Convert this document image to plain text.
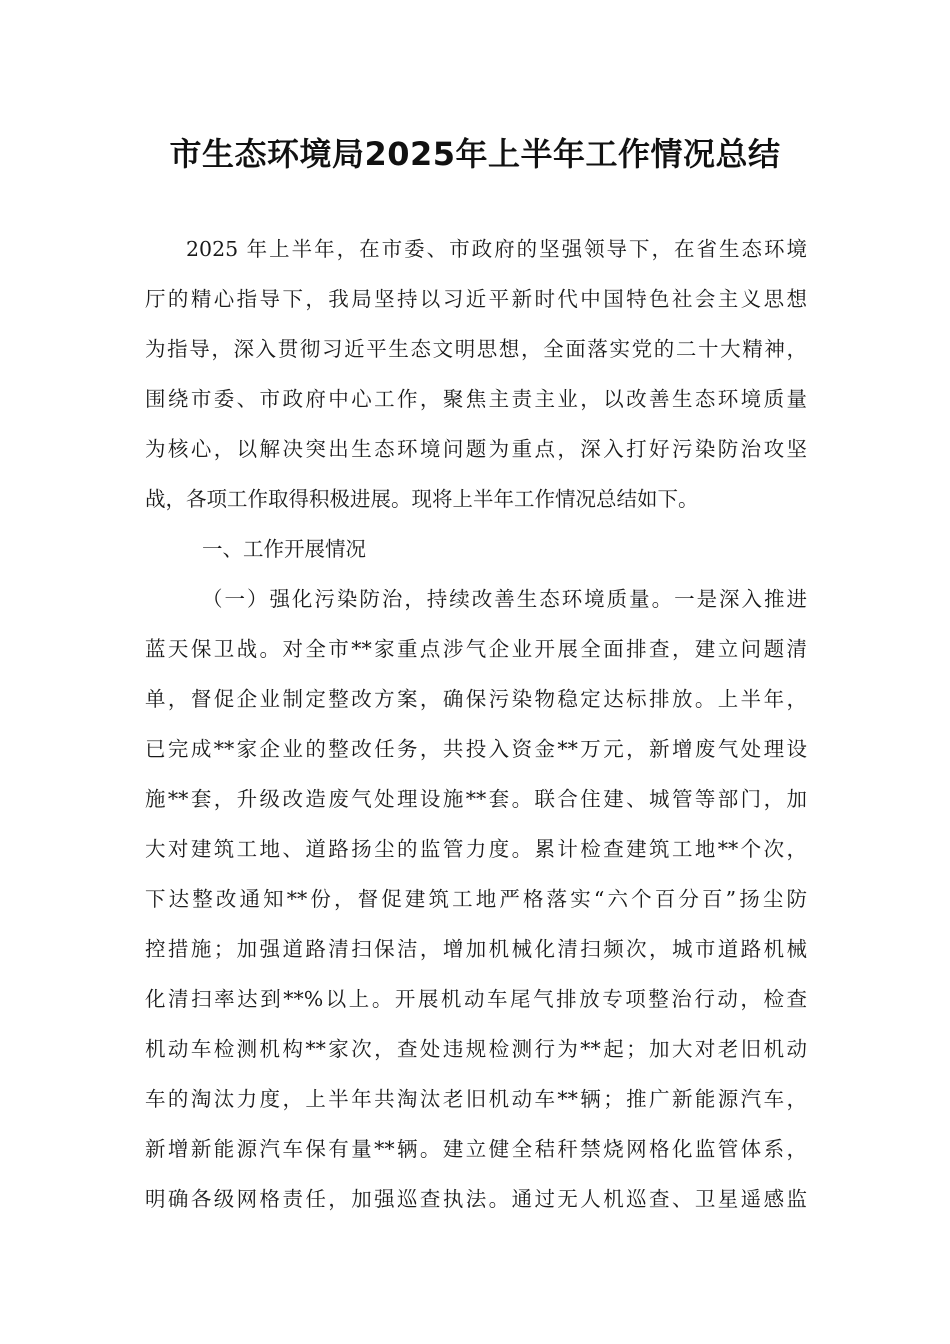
市生态环境局2025年上半年工作情况总结
2025 年上半年，在市委、市政府的坚强领导下，在省生态环境
厅的精心指导下，我局坚持以习近平新时代中国特色社会主义思想
为指导，深入贯彻习近平生态文明思想，全面落实党的二十大精神，
围绕市委、市政府中心工作，聚焦主责主业，以改善生态环境质量
为核心，以解决突出生态环境问题为重点，深入打好污染防治攻坚
战，各项工作取得积极进展。现将上半年工作情况总结如下。
一、工作开展情况
（一）强化污染防治，持续改善生态环境质量。一是深入推进
蓝天保卫战。对全市**家重点涉气企业开展全面排查，建立问题清
单，督促企业制定整改方案，确保污染物稳定达标排放。上半年，
已完成**家企业的整改任务，共投入资金**万元，新增废气处理设
施**套，升级改造废气处理设施**套。联合住建、城管等部门，加
大对建筑工地、道路扬尘的监管力度。累计检查建筑工地**个次，
下达整改通知**份，督促建筑工地严格落实“六个百分百”扬尘防
控措施；加强道路清扫保洁，增加机械化清扫频次，城市道路机械
化清扫率达到**%以上。开展机动车尾气排放专项整治行动，检查
机动车检测机构**家次，查处违规检测行为**起；加大对老旧机动
车的淘汰力度，上半年共淘汰老旧机动车**辆；推广新能源汽车，
新增新能源汽车保有量**辆。建立健全秸秆禁烧网格化监管体系，
明确各级网格责任，加强巡查执法。通过无人机巡查、卫星遥感监
